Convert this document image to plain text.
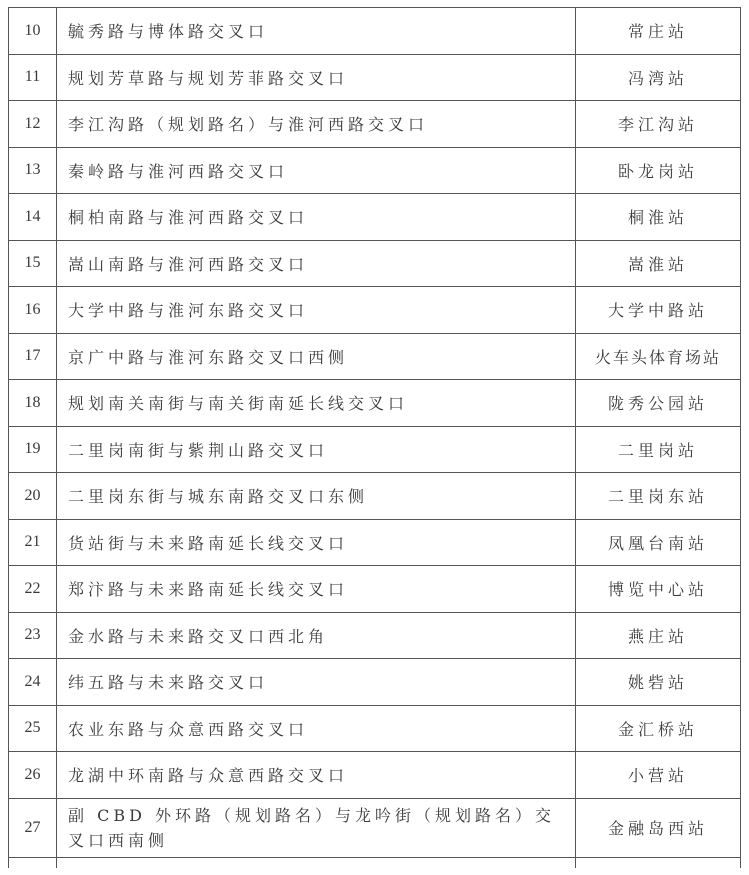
10	毓秀路与博体路交叉口	常庄站
11	规划芳草路与规划芳菲路交叉口	冯湾站
12	李江沟路（规划路名）与淮河西路交叉口	李江沟站
13	秦岭路与淮河西路交叉口	卧龙岗站
14	桐柏南路与淮河西路交叉口	桐淮站
15	嵩山南路与淮河西路交叉口	嵩淮站
16	大学中路与淮河东路交叉口	大学中路站
17	京广中路与淮河东路交叉口西侧	火车头体育场站
18	规划南关南街与南关街南延长线交叉口	陇秀公园站
19	二里岗南街与紫荆山路交叉口	二里岗站
20	二里岗东街与城东南路交叉口东侧	二里岗东站
21	货站街与未来路南延长线交叉口	凤凰台南站
22	郑汴路与未来路南延长线交叉口	博览中心站
23	金水路与未来路交叉口西北角	燕庄站
24	纬五路与未来路交叉口	姚砦站
25	农业东路与众意西路交叉口	金汇桥站
26	龙湖中环南路与众意西路交叉口	小营站
27	副 CBD 外环路（规划路名）与龙吟街（规划路名）交叉口西南侧	金融岛西站
